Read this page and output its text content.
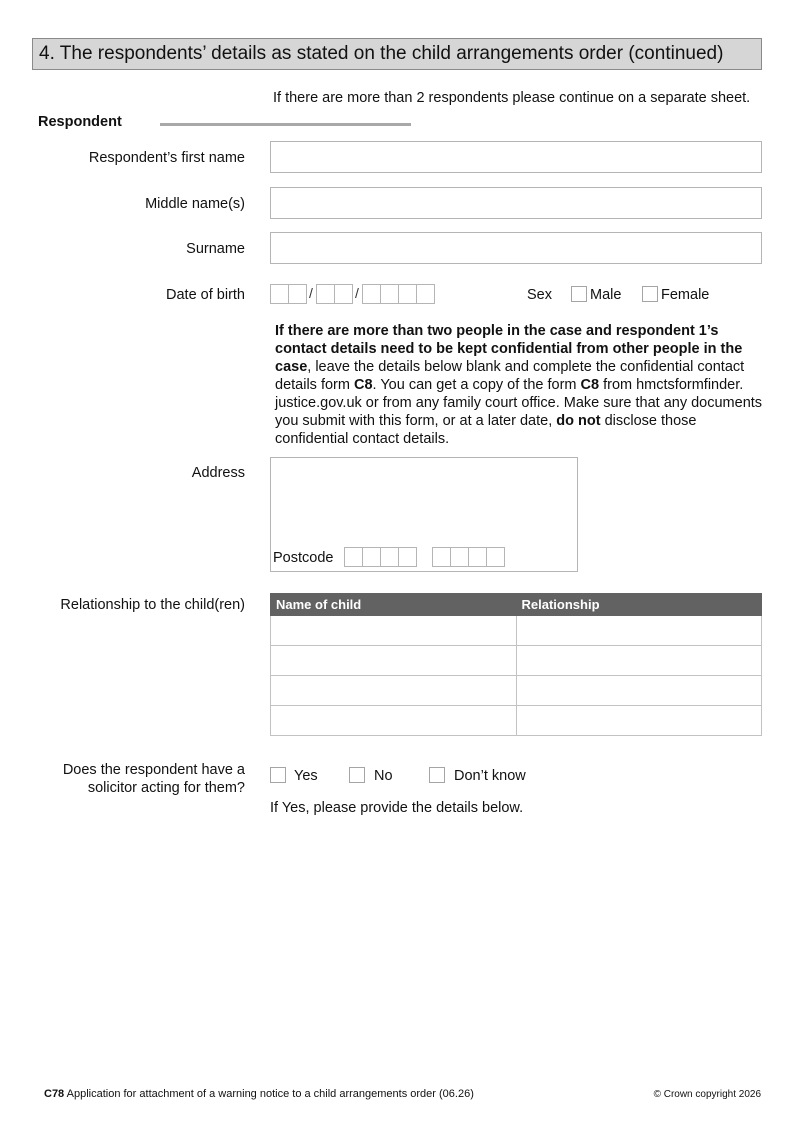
4. The respondents’ details as stated on the child arrangements order (continued)
If there are more than 2 respondents please continue on a separate sheet.
Respondent
Respondent’s first name
Middle name(s)
Surname
Date of birth	/	/	Sex	Male	Female
If there are more than two people in the case and respondent 1’s contact details need to be kept confidential from other people in the case, leave the details below blank and complete the confidential contact details form C8. You can get a copy of the form C8 from hmctsformfinder. justice.gov.uk or from any family court office. Make sure that any documents you submit with this form, or at a later date, do not disclose those confidential contact details.
Address
Postcode
Relationship to the child(ren) Name of child	Relationship

Does the respondent have a
solicitor acting for them?
Yes	No	Don’t know
If Yes, please provide the details below.
C78 Application for attachment of a warning notice to a child arrangements order (06.26)	© Crown copyright 2026
